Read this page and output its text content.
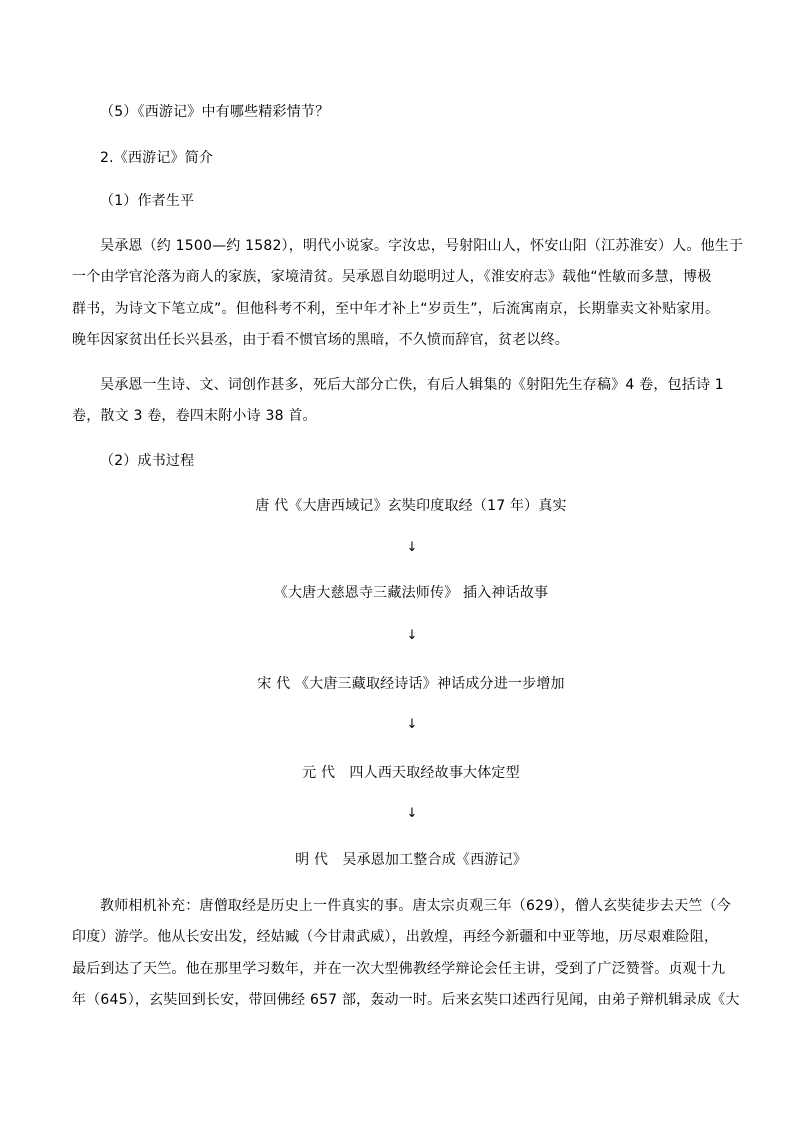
（5）《西游记》中有哪些精彩情节？
2.《西游记》简介
（1）作者生平
吴承恩（约 1500—约 1582），明代小说家。字汝忠，号射阳山人，怀安山阳（江苏淮安）人。他生于
一个由学官沦落为商人的家族，家境清贫。吴承恩自幼聪明过人，《淮安府志》载他“性敏而多慧，博极
群书，为诗文下笔立成”。但他科考不利，至中年才补上“岁贡生”，后流寓南京，长期靠卖文补贴家用。
晚年因家贫出任长兴县丞，由于看不惯官场的黑暗，不久愤而辞官，贫老以终。
吴承恩一生诗、文、词创作甚多，死后大部分亡佚，有后人辑集的《射阳先生存稿》4 卷，包括诗 1
卷，散文 3 卷，卷四末附小诗 38 首。
（2）成书过程
唐 代《大唐西域记》玄奘印度取经（17 年）真实
↓
《大唐大慈恩寺三藏法师传》 插入神话故事
↓
宋 代 《大唐三藏取经诗话》神话成分进一步增加
↓
元 代　四人西天取经故事大体定型
↓
明 代　吴承恩加工整合成《西游记》
教师相机补充：唐僧取经是历史上一件真实的事。唐太宗贞观三年（629），僧人玄奘徒步去天竺（今
印度）游学。他从长安出发，经姑臧（今甘肃武威），出敦煌，再经今新疆和中亚等地，历尽艰难险阻，
最后到达了天竺。他在那里学习数年，并在一次大型佛教经学辩论会任主讲，受到了广泛赞誉。贞观十九
年（645），玄奘回到长安，带回佛经 657 部，轰动一时。后来玄奘口述西行见闻，由弟子辩机辑录成《大
